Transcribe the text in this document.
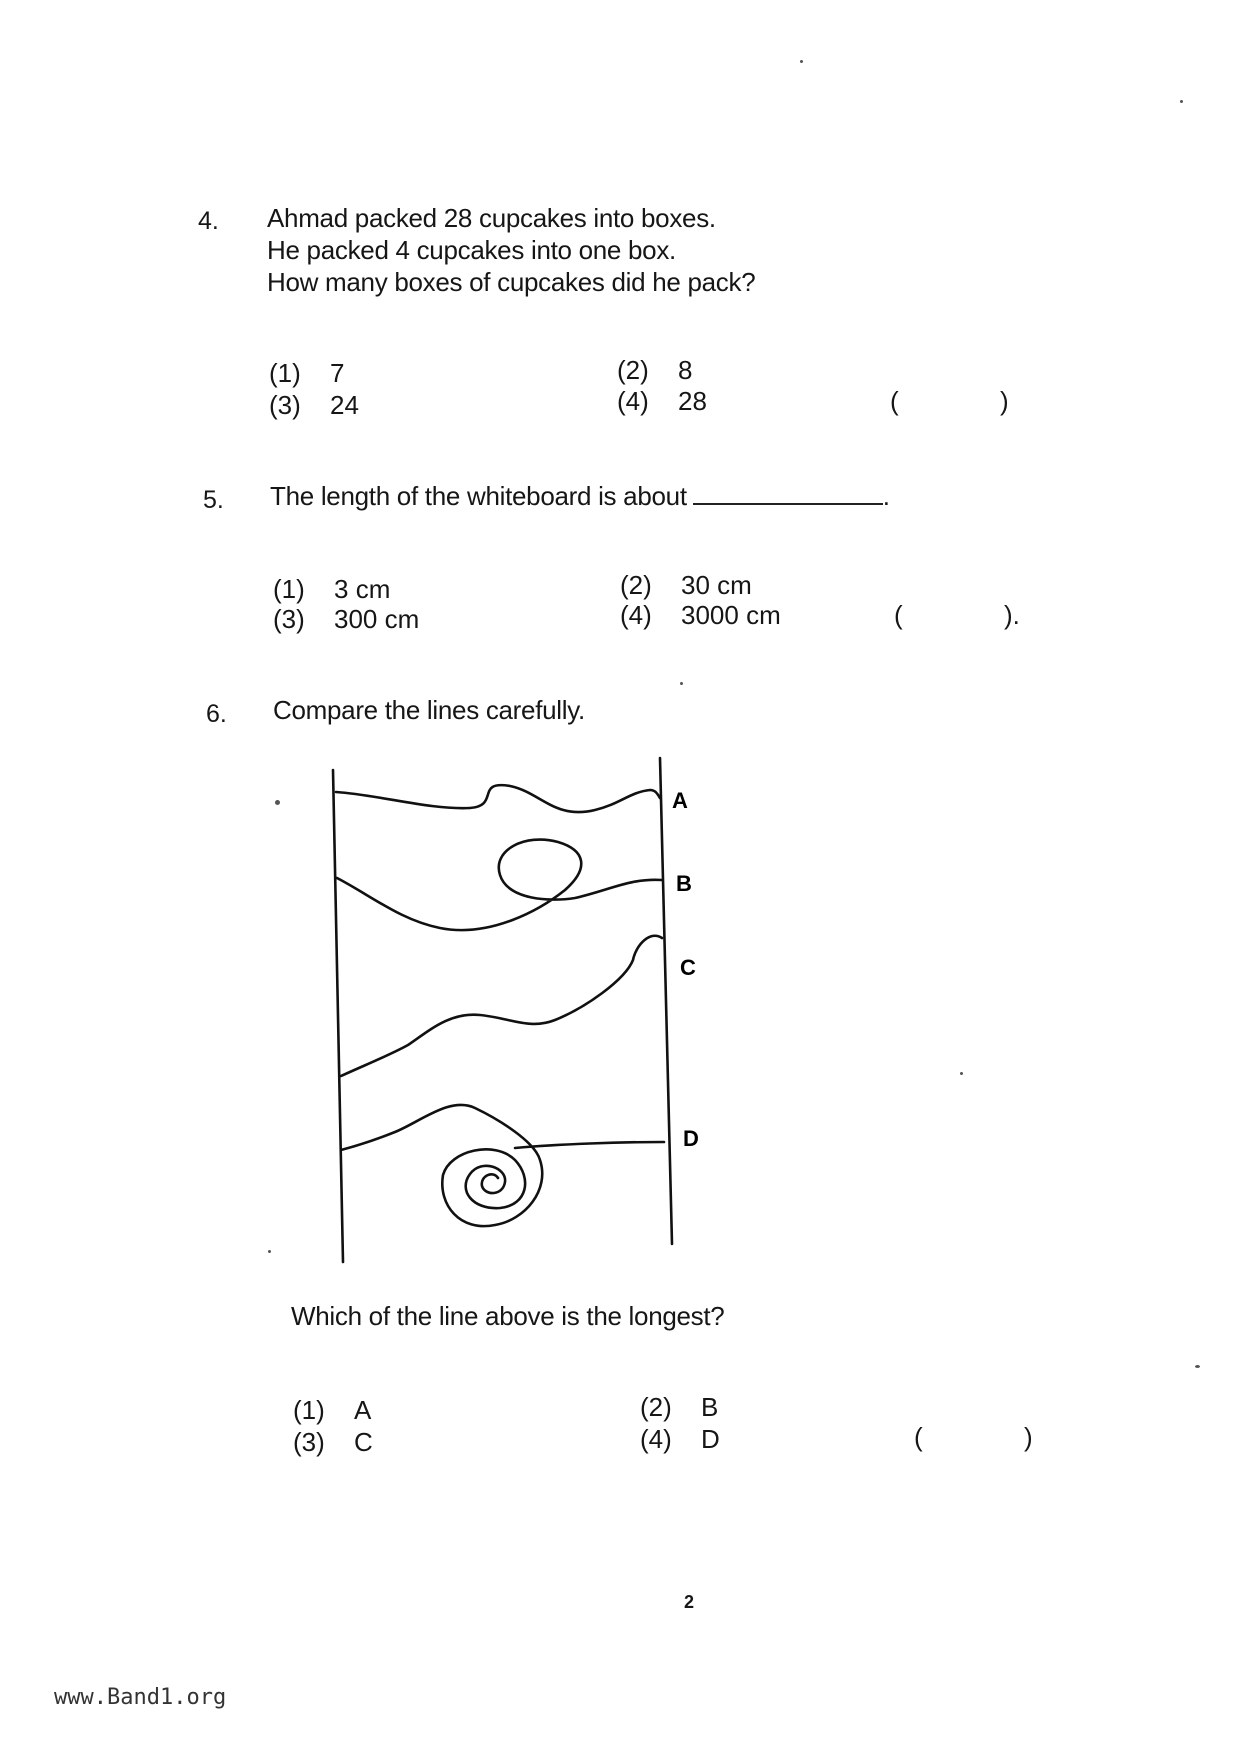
4. Ahmad packed 28 cupcakes into boxes.
He packed 4 cupcakes into one box.
How many boxes of cupcakes did he pack?
(1) 7	(2) 8
(3) 24	(4) 28	(	)
5. The length of the whiteboard is about	.
(1) 3 cm	(2) 30 cm
(3) 300 cm	(4) 3000 cm	(	).
6. Compare the lines carefully.
A
B
C
D
Which of the line above is the longest?
(1) A	(2) B
(3) C	(4) D	(	)
2
www.Band1.org
